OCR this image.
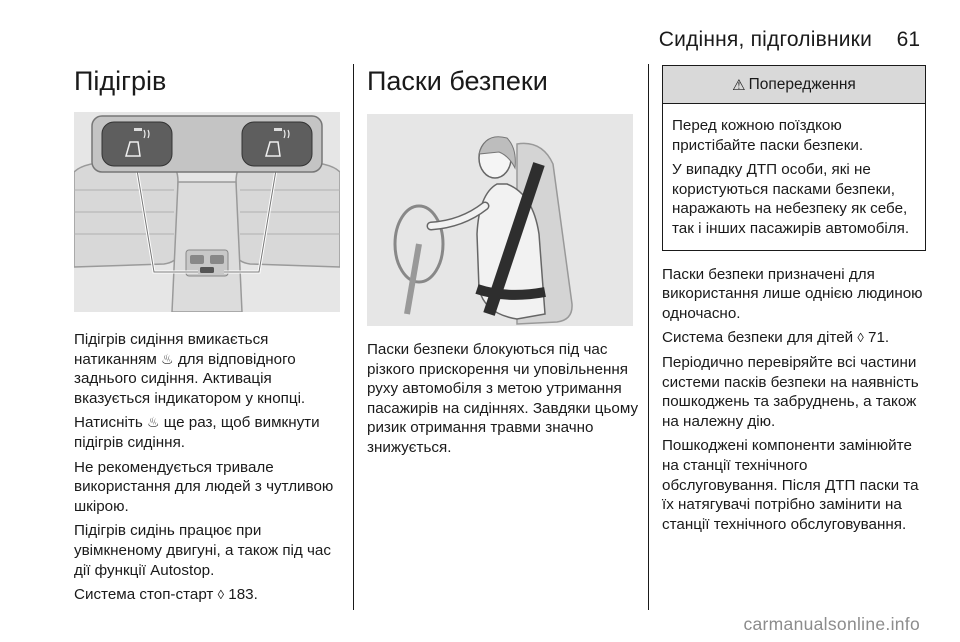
Сидіння, підголівники 61
Підігрів

Підігрів сидіння вмикається натиканням ♨ для відповідного заднього сидіння. Активація вказується індикатором у кнопці.

Натисніть ♨ ще раз, щоб вимкнути підігрів сидіння.

Не рекомендується тривале використання для людей з чутливою шкірою.

Підігрів сидінь працює при увімкненому двигуні, а також під час дії функції Autostop.

Система стоп-старт ◊ 183.

Паски безпеки

Паски безпеки блокуються під час різкого прискорення чи уповільнення руху автомобіля з метою утримання пасажирів на сидіннях. Завдяки цьому ризик отримання травми значно знижується.

⚠ Попередження

Перед кожною поїздкою пристібайте паски безпеки.

У випадку ДТП особи, які не користуються пасками безпеки, наражають на небезпеку як себе, так і інших пасажирів автомобіля.

Паски безпеки призначені для використання лише однією людиною одночасно.

Система безпеки для дітей ◊ 71.

Періодично перевіряйте всі частини системи пасків безпеки на наявність пошкоджень та забруднень, а також на належну дію.

Пошкоджені компоненти замінюйте на станції технічного обслуговування. Після ДТП паски та їх натягувачі потрібно замінити на станції технічного обслуговування.

carmanualsonline.info
